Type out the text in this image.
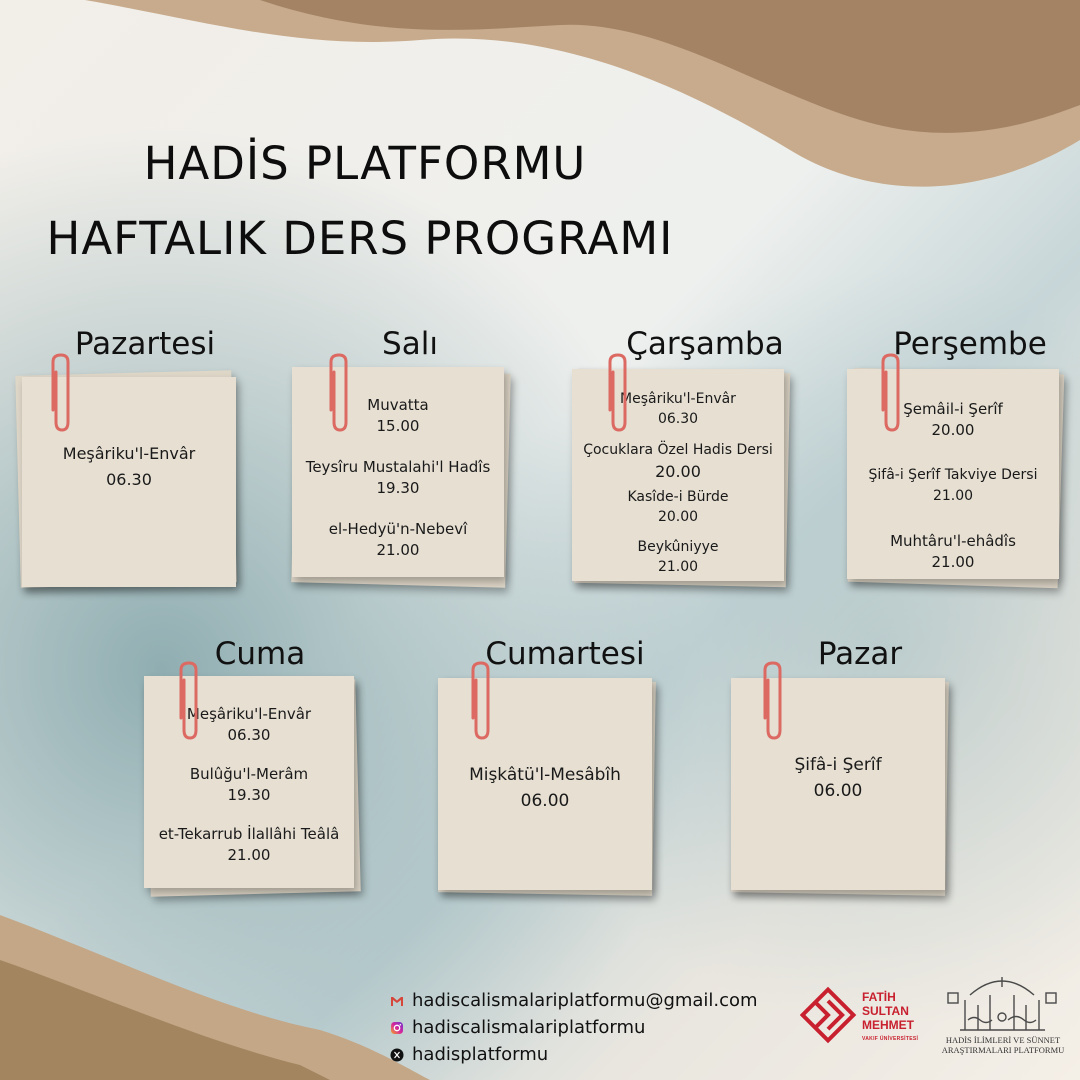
HADİS PLATFORMU
HAFTALIK DERS PROGRAMI
Pazartesi	Salı	Çarşamba	Perşembe
Cuma	Cumartesi	Pazar
Meşâriku'l-Envâr
06.30
Muvatta
15.00
Teysîru Mustalahi'l Hadîs
19.30
el-Hedyü'n-Nebevî
21.00
Meşâriku'l-Envâr
06.30
Çocuklara Özel Hadis Dersi
20.00
Kasîde-i Bürde
20.00
Beykûniyye
21.00
Şemâil-i Şerîf
20.00
Şifâ-i Şerîf Takviye Dersi
21.00
Muhtâru'l-ehâdîs
21.00
Meşâriku'l-Envâr
06.30
Bulûğu'l-Merâm
19.30
et-Tekarrub İlallâhi Teâlâ
21.00
Mişkâtü'l-Mesâbîh
06.00
Şifâ-i Şerîf
06.00
hadiscalismalariplatformu@gmail.com
hadiscalismalariplatformu
hadisplatformu
FATİH
SULTAN
MEHMET
VAKIF ÜNİVERSİTESİ	HADİS İLİMLERİ VE SÜNNET
ARAŞTIRMALARI PLATFORMU
